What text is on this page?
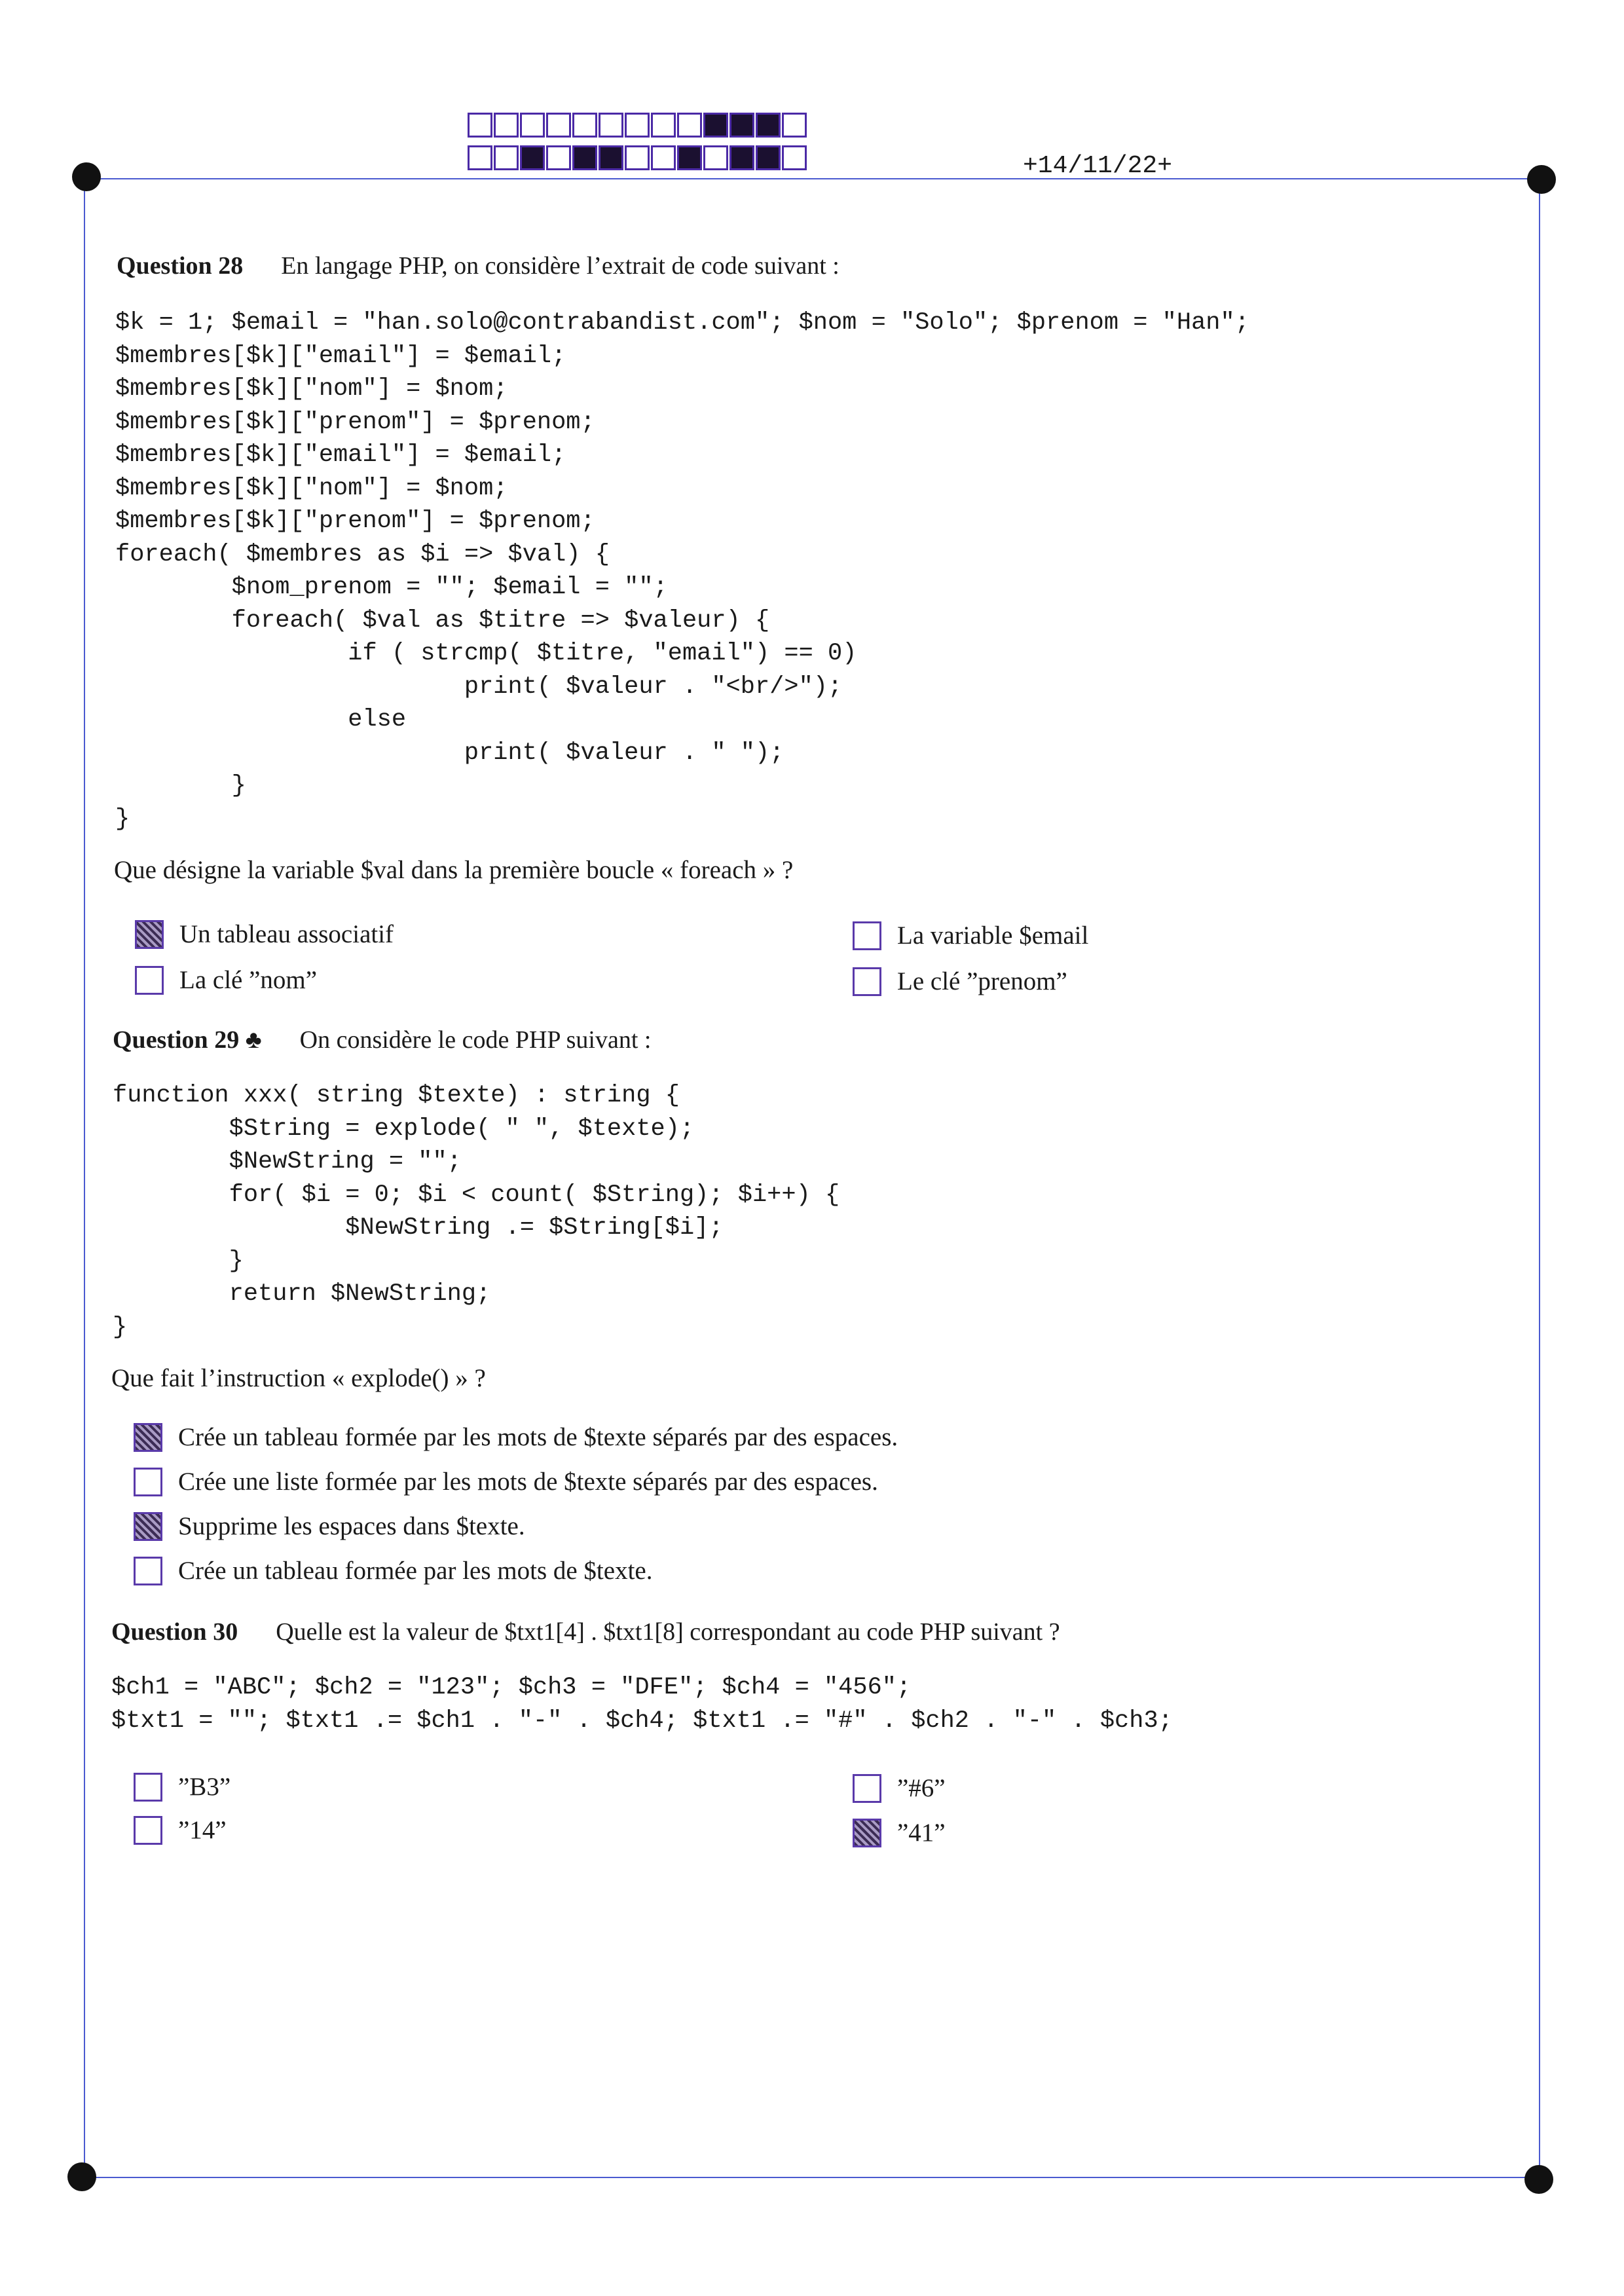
+14/11/22+
Question 28 En langage PHP, on considère l’extrait de code suivant :
$k = 1; $email = "han.solo@contrabandist.com"; $nom = "Solo"; $prenom = "Han";
$membres[$k]["email"] = $email;
$membres[$k]["nom"] = $nom;
$membres[$k]["prenom"] = $prenom;
$membres[$k]["email"] = $email;
$membres[$k]["nom"] = $nom;
$membres[$k]["prenom"] = $prenom;
foreach( $membres as $i => $val) {
$nom_prenom = ""; $email = "";
foreach( $val as $titre => $valeur) {
if ( strcmp( $titre, "email") == 0)
print( $valeur . "<br/>");
else
print( $valeur . " ");
}
}
Que désigne la variable $val dans la première boucle « foreach » ?
Un tableau associatif	La variable $email
La clé ”nom”	Le clé ”prenom”
Question 29 ♣ On considère le code PHP suivant :
function xxx( string $texte) : string {
$String = explode( " ", $texte);
$NewString = "";
for( $i = 0; $i < count( $String); $i++) {
$NewString .= $String[$i];
}
return $NewString;
}
Que fait l’instruction « explode() » ?
Crée un tableau formée par les mots de $texte séparés par des espaces.
Crée une liste formée par les mots de $texte séparés par des espaces.
Supprime les espaces dans $texte.
Crée un tableau formée par les mots de $texte.
Question 30 Quelle est la valeur de $txt1[4] . $txt1[8] correspondant au code PHP suivant ?
$ch1 = "ABC"; $ch2 = "123"; $ch3 = "DFE"; $ch4 = "456";
$txt1 = ""; $txt1 .= $ch1 . "-" . $ch4; $txt1 .= "#" . $ch2 . "-" . $ch3;
”B3”	”#6”
”14”	”41”
